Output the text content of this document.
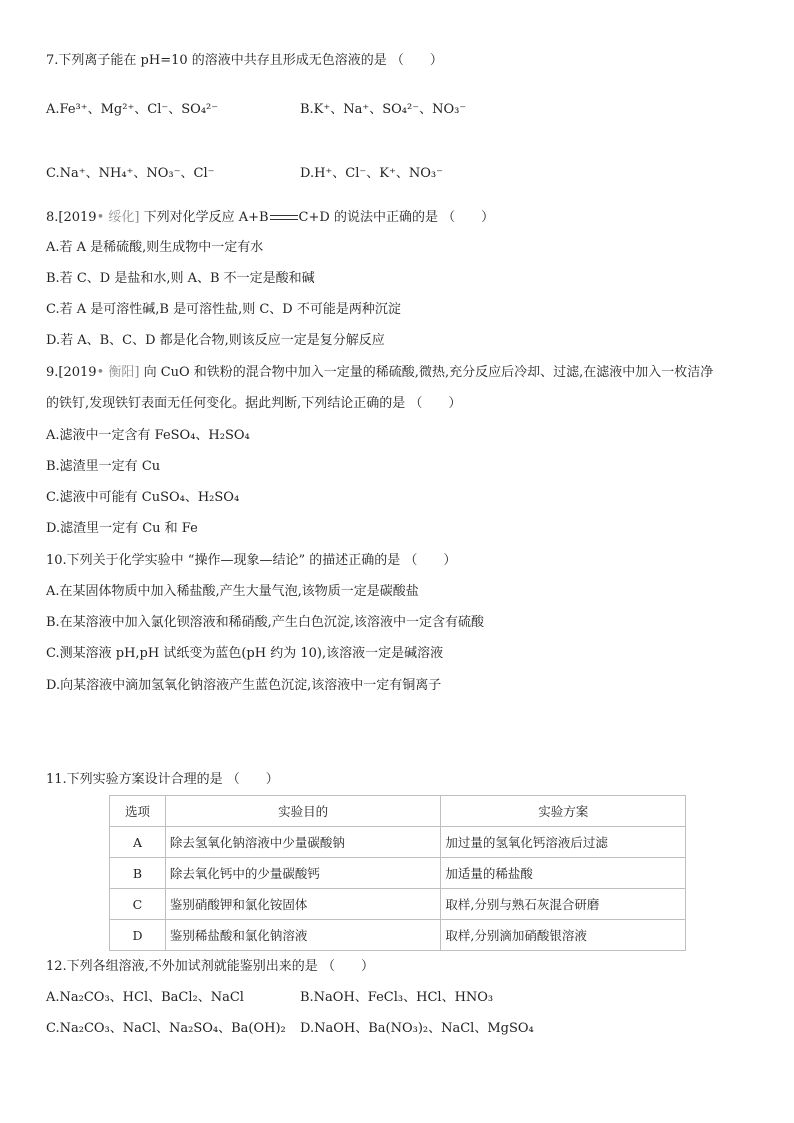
7.下列离子能在 pH=10 的溶液中共存且形成无色溶液的是 （　　）
A.Fe³⁺、Mg²⁺、Cl⁻、SO₄²⁻	B.K⁺、Na⁺、SO₄²⁻、NO₃⁻
C.Na⁺、NH₄⁺、NO₃⁻、Cl⁻	D.H⁺、Cl⁻、K⁺、NO₃⁻
8.[2019• 绥化] 下列对化学反应 A+B C+D 的说法中正确的是 （　　）
A.若 A 是稀硫酸,则生成物中一定有水
B.若 C、D 是盐和水,则 A、B 不一定是酸和碱
C.若 A 是可溶性碱,B 是可溶性盐,则 C、D 不可能是两种沉淀
D.若 A、B、C、D 都是化合物,则该反应一定是复分解反应
9.[2019• 衡阳] 向 CuO 和铁粉的混合物中加入一定量的稀硫酸,微热,充分反应后冷却、过滤,在滤液中加入一枚洁净
的铁钉,发现铁钉表面无任何变化。据此判断,下列结论正确的是 （　　）
A.滤液中一定含有 FeSO₄、H₂SO₄
B.滤渣里一定有 Cu
C.滤液中可能有 CuSO₄、H₂SO₄
D.滤渣里一定有 Cu 和 Fe
10.下列关于化学实验中 “操作—现象—结论” 的描述正确的是 （　　）
A.在某固体物质中加入稀盐酸,产生大量气泡,该物质一定是碳酸盐
B.在某溶液中加入氯化钡溶液和稀硝酸,产生白色沉淀,该溶液中一定含有硫酸
C.测某溶液 pH,pH 试纸变为蓝色(pH 约为 10),该溶液一定是碱溶液
D.向某溶液中滴加氢氧化钠溶液产生蓝色沉淀,该溶液中一定有铜离子
11.下列实验方案设计合理的是 （　　）
选项	实验目的	实验方案
A	除去氢氧化钠溶液中少量碳酸钠	加过量的氢氧化钙溶液后过滤
B	除去氧化钙中的少量碳酸钙	加适量的稀盐酸
C	鉴别硝酸钾和氯化铵固体	取样,分别与熟石灰混合研磨
D	鉴别稀盐酸和氯化钠溶液	取样,分别滴加硝酸银溶液
12.下列各组溶液,不外加试剂就能鉴别出来的是 （　　）
A.Na₂CO₃、HCl、BaCl₂、NaCl	B.NaOH、FeCl₃、HCl、HNO₃
C.Na₂CO₃、NaCl、Na₂SO₄、Ba(OH)₂ D.NaOH、Ba(NO₃)₂、NaCl、MgSO₄
